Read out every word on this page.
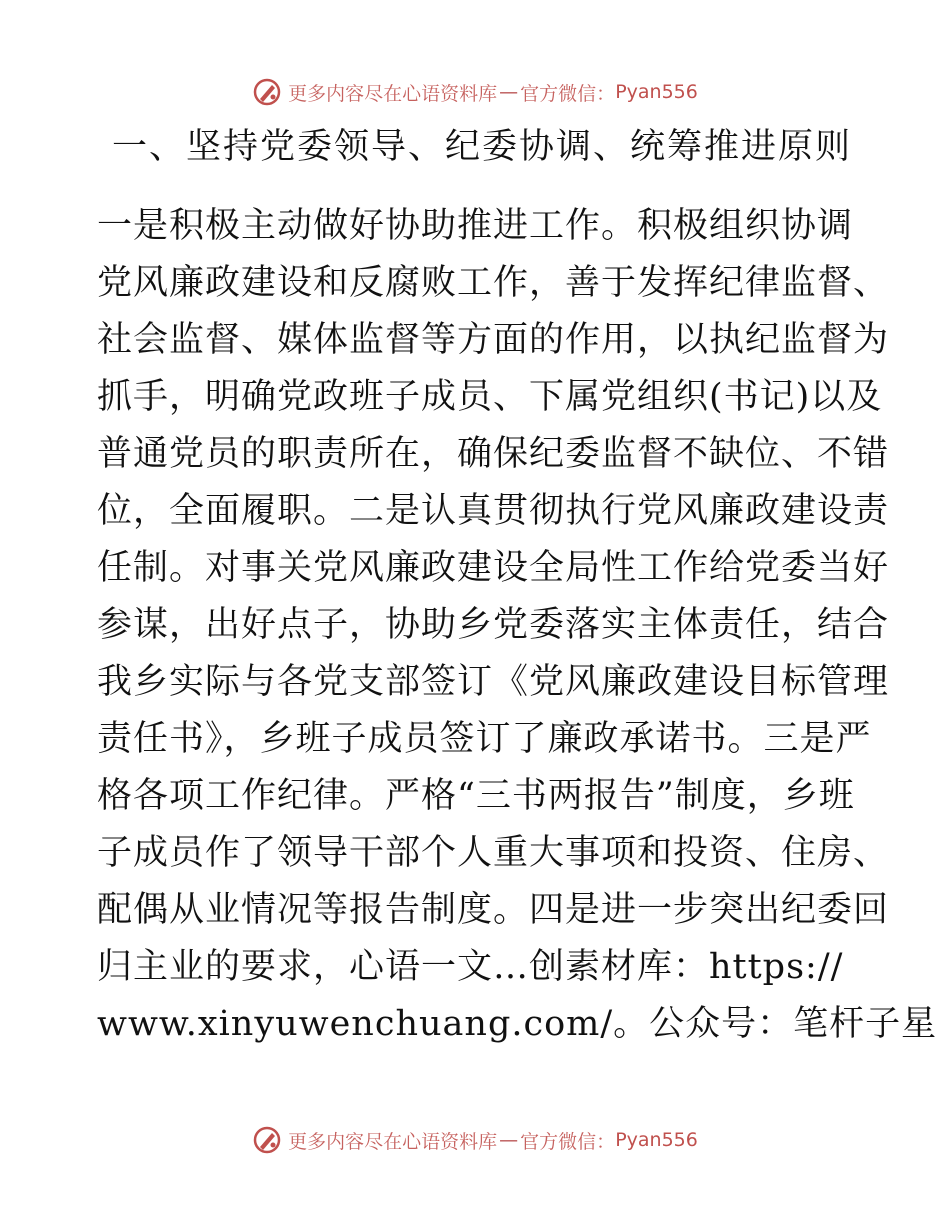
更多内容尽在心语资料库 — 官方微信： Pyan556
一、坚持党委领导、纪委协调、统筹推进原则
一是积极主动做好协助推进工作。积极组织协调
党风廉政建设和反腐败工作，善于发挥纪律监督、
社会监督、媒体监督等方面的作用，以执纪监督为
抓手，明确党政班子成员、下属党组织(书记)以及
普通党员的职责所在，确保纪委监督不缺位、不错
位，全面履职。二是认真贯彻执行党风廉政建设责
任制。对事关党风廉政建设全局性工作给党委当好
参谋，出好点子，协助乡党委落实主体责任，结合
我乡实际与各党支部签订《党风廉政建设目标管理
责任书》，乡班子成员签订了廉政承诺书。三是严
格各项工作纪律。严格“三书两报告”制度，乡班
子成员作了领导干部个人重大事项和投资、住房、
配偶从业情况等报告制度。四是进一步突出纪委回
归主业的要求，心语一文…创素材库：https://
www.xinyuwenchuang.com/。公众号：笔杆子星
更多内容尽在心语资料库 — 官方微信： Pyan556
